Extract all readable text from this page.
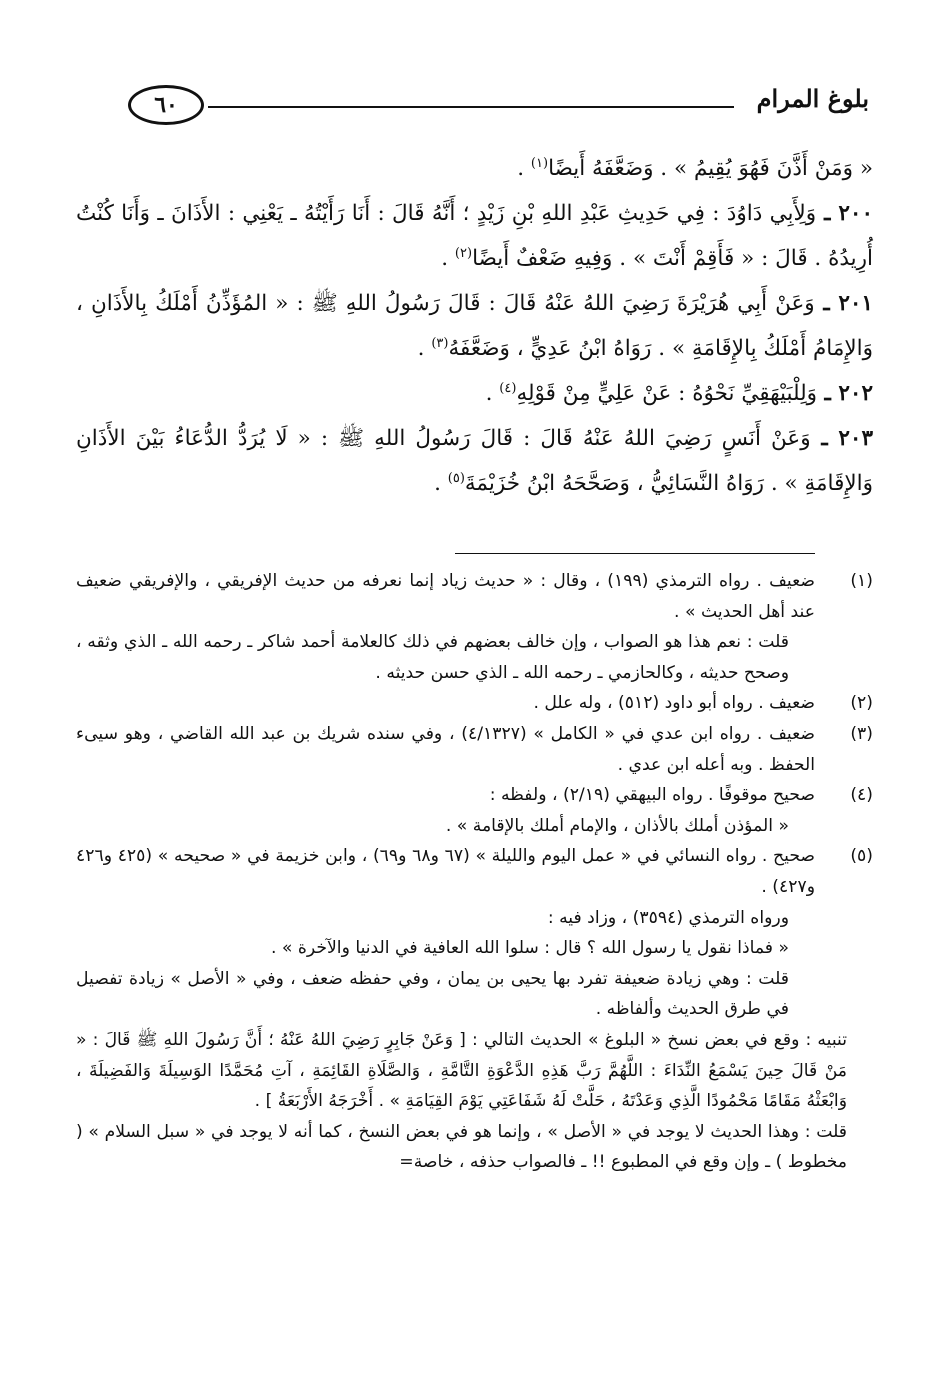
بلوغ المرام
٦٠

« وَمَنْ أَذَّنَ فَهُوَ يُقِيمُ » . وَضَعَّفَهُ أَيضًا$^{(١)}$ .

٢٠٠ ـ وَلِأَبِي دَاوُدَ : فِي حَدِيثِ عَبْدِ اللهِ بْنِ زَيْدٍ ؛ أَنَّهُ قَالَ : أَنَا رَأَيْتُهُ ـ يَعْنِي : الأَذَانَ ـ وَأَنَا كُنْتُ أُرِيدُهُ . قَالَ : « فَأَقِمْ أَنْتَ » . وَفِيهِ ضَعْفٌ أَيضًا$^{(٢)}$ .

٢٠١ ـ وَعَنْ أَبِي هُرَيْرَةَ رَضِيَ اللهُ عَنْهُ قَالَ : قَالَ رَسُولُ اللهِ ﷺ : « المُؤَذِّنُ أَمْلَكُ بِالأَذَانِ ، وَالإِمَامُ أَمْلَكُ بِالإِقَامَةِ » . رَوَاهُ ابْنُ عَدِيٍّ ، وَضَعَّفَهُ$^{(٣)}$ .

٢٠٢ ـ وَلِلْبَيْهَقِيِّ نَحْوُهُ : عَنْ عَلِيٍّ مِنْ قَوْلِهِ$^{(٤)}$ .

٢٠٣ ـ وَعَنْ أَنَسٍ رَضِيَ اللهُ عَنْهُ قَالَ : قَالَ رَسُولُ اللهِ ﷺ : « لَا يُرَدُّ الدُّعَاءُ بَيْنَ الأَذَانِ وَالإِقَامَةِ » . رَوَاهُ النَّسَائِيُّ ، وَصَحَّحَهُ ابْنُ خُزَيْمَةَ$^{(٥)}$ .

(١)

ضعيف . رواه الترمذي (١٩٩) ، وقال : « حديث زياد إنما نعرفه من حديث الإفريقي ، والإفريقي ضعيف عند أهل الحديث » .

قلت : نعم هذا هو الصواب ، وإن خالف بعضهم في ذلك كالعلامة أحمد شاكر ـ رحمه الله ـ الذي وثقه ، وصحح حديثه ، وكالحازمي ـ رحمه الله ـ الذي حسن حديثه .

(٢)

ضعيف . رواه أبو داود (٥١٢) ، وله علل .

(٣)

ضعيف . رواه ابن عدي في « الكامل » (٤/١٣٢٧) ، وفي سنده شريك بن عبد الله القاضي ، وهو سيىء الحفظ . وبه أعله ابن عدي .

(٤)

صحيح موقوفًا . رواه البيهقي (٢/١٩) ، ولفظه :

« المؤذن أملك بالأذان ، والإمام أملك بالإقامة » .

(٥)

صحيح . رواه النسائي في « عمل اليوم والليلة » (٦٧ و٦٨ و٦٩) ، وابن خزيمة في « صحيحه » (٤٢٥ و٤٢٦ و٤٢٧) .

ورواه الترمذي (٣٥٩٤) ، وزاد فيه :

« فماذا نقول يا رسول الله ؟ قال : سلوا الله العافية في الدنيا والآخرة » .

قلت : وهي زيادة ضعيفة تفرد بها يحيى بن يمان ، وفي حفظه ضعف ، وفي « الأصل » زيادة تفصيل في طرق الحديث وألفاظه .

تنبيه : وقع في بعض نسخ « البلوغ » الحديث التالي : [ وَعَنْ جَابِرٍ رَضِيَ اللهُ عَنْهُ ؛ أَنَّ رَسُولَ اللهِ ﷺ قَالَ : « مَنْ قَالَ حِينَ يَسْمَعُ النِّدَاءَ : اللَّهُمَّ رَبَّ هَذِهِ الدَّعْوَةِ التَّامَّةِ ، وَالصَّلَاةِ القَائِمَةِ ، آتِ مُحَمَّدًا الوَسِيلَةَ وَالفَضِيلَةَ ، وَابْعَثْهُ مَقَامًا مَحْمُودًا الَّذِي وَعَدْتَهُ ، حَلَّتْ لَهُ شَفَاعَتِي يَوْمَ القِيَامَةِ » . أَخْرَجَهُ الأَرْبَعَةُ ] .

قلت : وهذا الحديث لا يوجد في « الأصل » ، وإنما هو في بعض النسخ ، كما أنه لا يوجد في « سبل السلام » ( مخطوط ) ـ وإن وقع في المطبوع !! ـ فالصواب حذفه ، خاصة=
